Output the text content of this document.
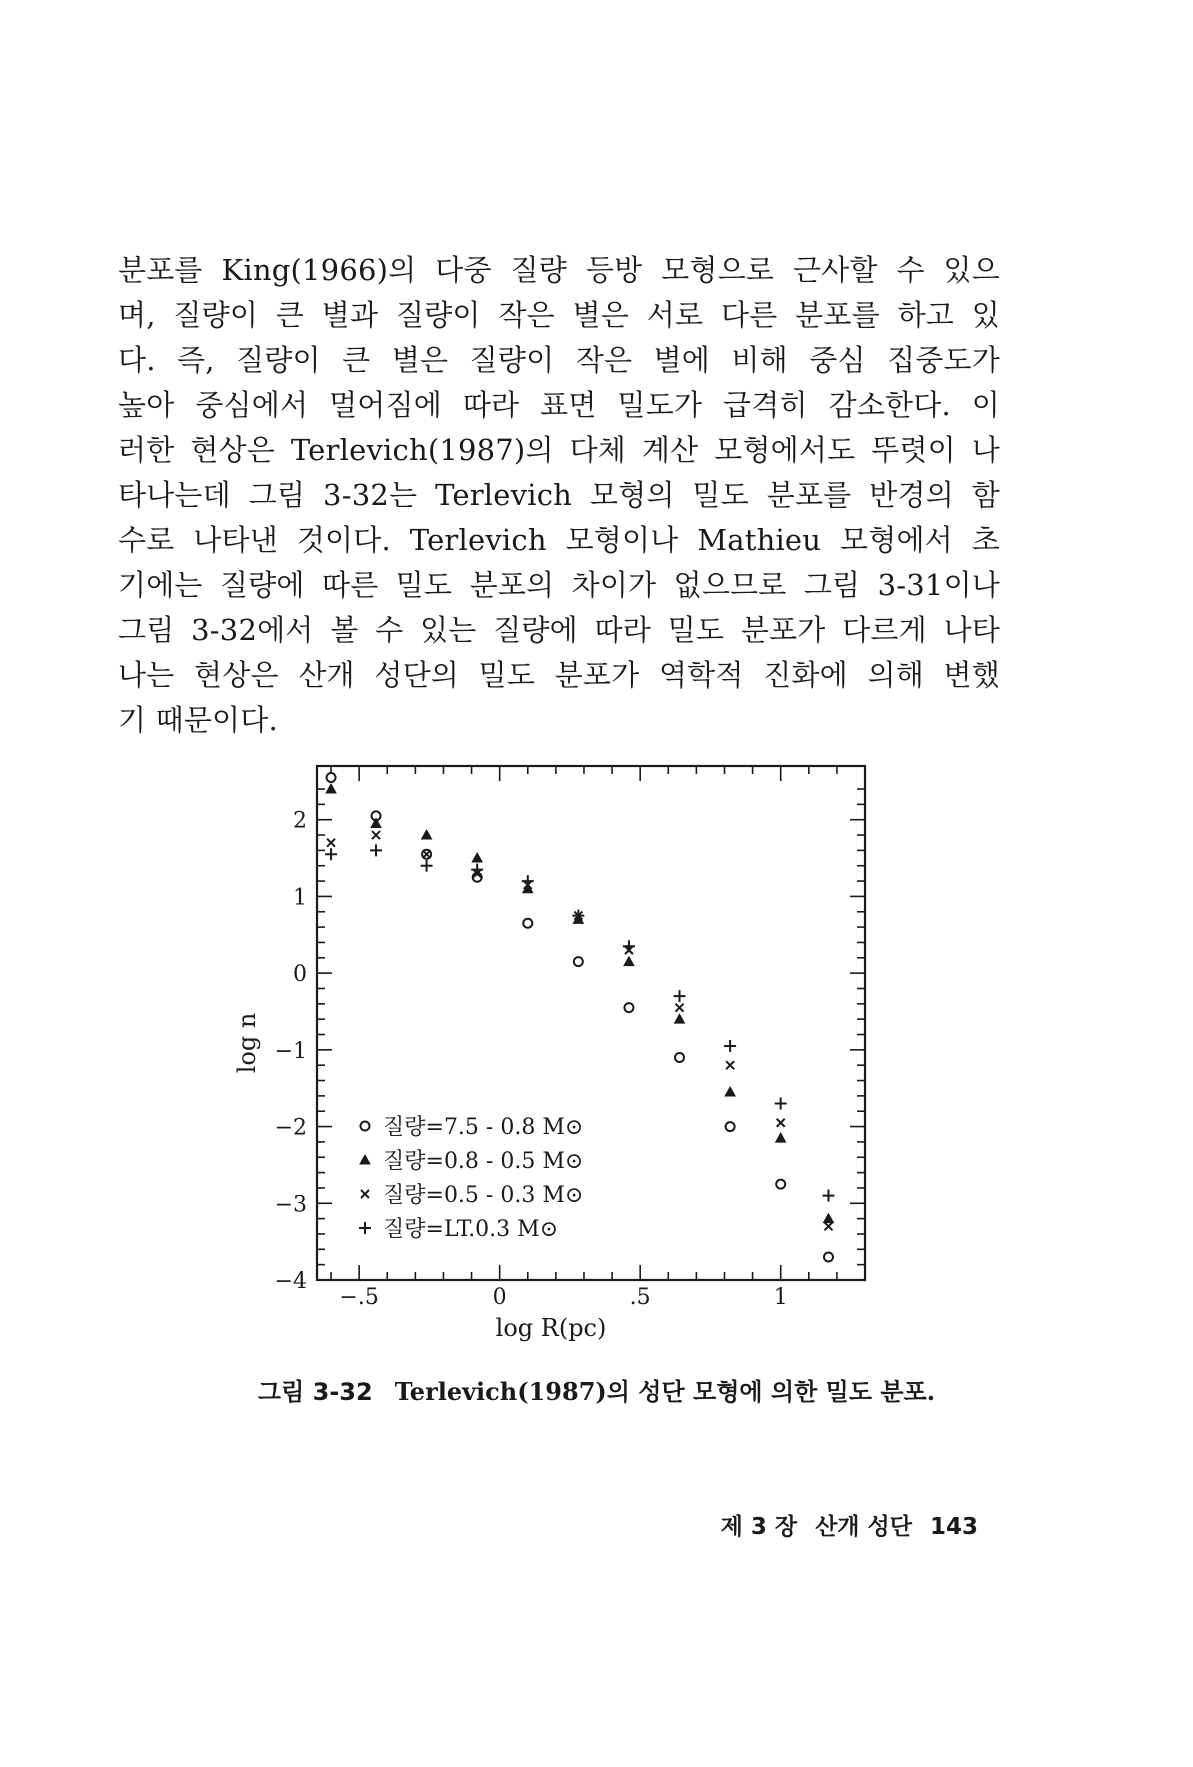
분포를 King(1966)의 다중 질량 등방 모형으로 근사할 수 있으
며, 질량이 큰 별과 질량이 작은 별은 서로 다른 분포를 하고 있
다. 즉, 질량이 큰 별은 질량이 작은 별에 비해 중심 집중도가
높아 중심에서 멀어짐에 따라 표면 밀도가 급격히 감소한다. 이
러한 현상은 Terlevich(1987)의 다체 계산 모형에서도 뚜렷이 나
타나는데 그림 3-32는 Terlevich 모형의 밀도 분포를 반경의 함
수로 나타낸 것이다. Terlevich 모형이나 Mathieu 모형에서 초
기에는 질량에 따른 밀도 분포의 차이가 없으므로 그림 3-31이나
그림 3-32에서 볼 수 있는 질량에 따라 밀도 분포가 다르게 나타
나는 현상은 산개 성단의 밀도 분포가 역학적 진화에 의해 변했
기 때문이다.
2
1
0
−1
−2
−3
−4
−.5	0	.5	1
log R(pc)
log n
질량=7.5 - 0.8 M⊙
질량=0.8 - 0.5 M⊙
질량=0.5 - 0.3 M⊙
질량=LT.0.3 M⊙
그림 3-32 Terlevich(1987)의 성단 모형에 의한 밀도 분포.
제 3 장 산개 성단 143
